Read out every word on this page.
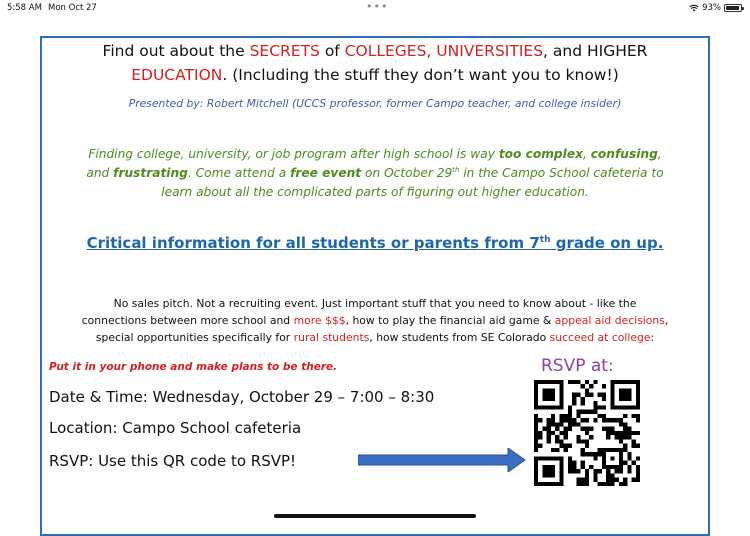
5:58 AM Mon Oct 27	•••	93%
Find out about the SECRETS of COLLEGES, UNIVERSITIES, and HIGHER
EDUCATION. (Including the stuff they don’t want you to know!)
Presented by: Robert Mitchell (UCCS professor, former Campo teacher, and college insider)
Finding college, university, or job program after high school is way too complex, confusing,
and frustrating. Come attend a free event on October 29th in the Campo School cafeteria to
learn about all the complicated parts of figuring out higher education.
Critical information for all students or parents from 7th grade on up.
No sales pitch. Not a recruiting event. Just important stuff that you need to know about - like the
connections between more school and more $$$, how to play the financial aid game & appeal aid decisions,
special opportunities specifically for rural students, how students from SE Colorado succeed at college:
Put it in your phone and make plans to be there.	RSVP at:
Date & Time: Wednesday, October 29 – 7:00 – 8:30
Location: Campo School cafeteria
RSVP: Use this QR code to RSVP!
